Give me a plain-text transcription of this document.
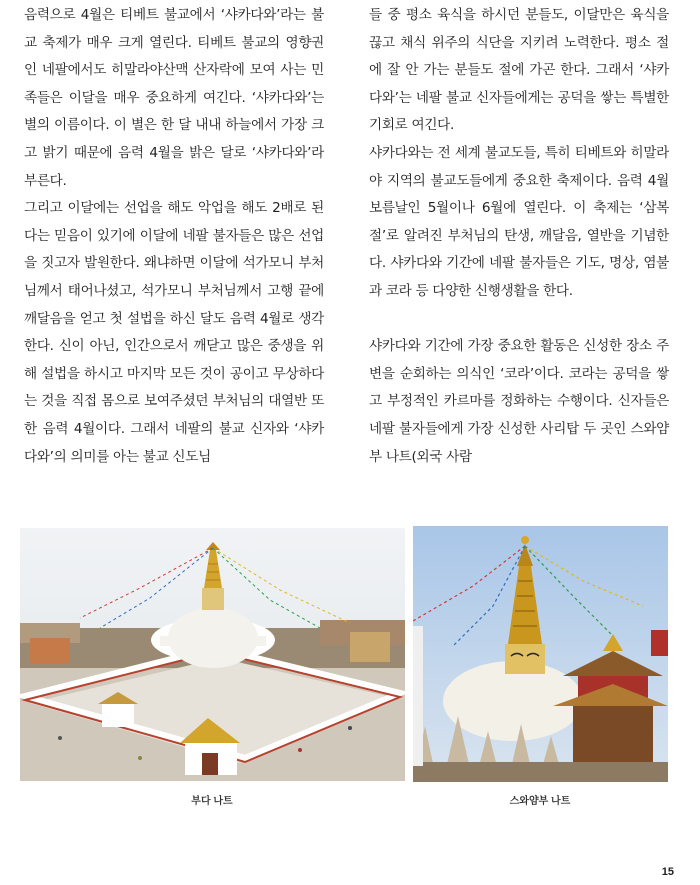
음력으로 4월은 티베트 불교에서 ‘샤카다와’라는 불교 축제가 매우 크게 열린다. 티베트 불교의 영향권인 네팔에서도 히말라야산맥 산자락에 모여 사는 민족들은 이달을 매우 중요하게 여긴다. ‘샤카다와’는 별의 이름이다. 이 별은 한 달 내내 하늘에서 가장 크고 밝기 때문에 음력 4월을 밝은 달로 ‘샤카다와’라 부른다.

그리고 이달에는 선업을 해도 악업을 해도 2배로 된다는 믿음이 있기에 이달에 네팔 불자들은 많은 선업을 짓고자 발원한다. 왜냐하면 이달에 석가모니 부처님께서 태어나셨고, 석가모니 부처님께서 고행 끝에 깨달음을 얻고 첫 설법을 하신 달도 음력 4월로 생각한다. 신이 아닌, 인간으로서 깨닫고 많은 중생을 위해 설법을 하시고 마지막 모든 것이 공이고 무상하다는 것을 직접 몸으로 보여주셨던 부처님의 대열반 또한 음력 4월이다. 그래서 네팔의 불교 신자와 ‘샤카다와’의 의미를 아는 불교 신도님

들 중 평소 육식을 하시던 분들도, 이달만은 육식을 끊고 채식 위주의 식단을 지키려 노력한다. 평소 절에 잘 안 가는 분들도 절에 가곤 한다. 그래서 ‘샤카다와’는 네팔 불교 신자들에게는 공덕을 쌓는 특별한 기회로 여긴다.

샤카다와는 전 세계 불교도들, 특히 티베트와 히말라야 지역의 불교도들에게 중요한 축제이다. 음력 4월 보름날인 5월이나 6월에 열린다. 이 축제는 ‘삼복절’로 알려진 부처님의 탄생, 깨달음, 열반을 기념한다. 샤카다와 기간에 네팔 불자들은 기도, 명상, 염불과 코라 등 다양한 신행생활을 한다.

샤카다와 기간에 가장 중요한 활동은 신성한 장소 주변을 순회하는 의식인 ‘코라’이다. 코라는 공덕을 쌓고 부정적인 카르마를 정화하는 수행이다. 신자들은 네팔 불자들에게 가장 신성한 사리탑 두 곳인 스와얌부 나트(외국 사람

부다 나트	스와얌부 나트
15
